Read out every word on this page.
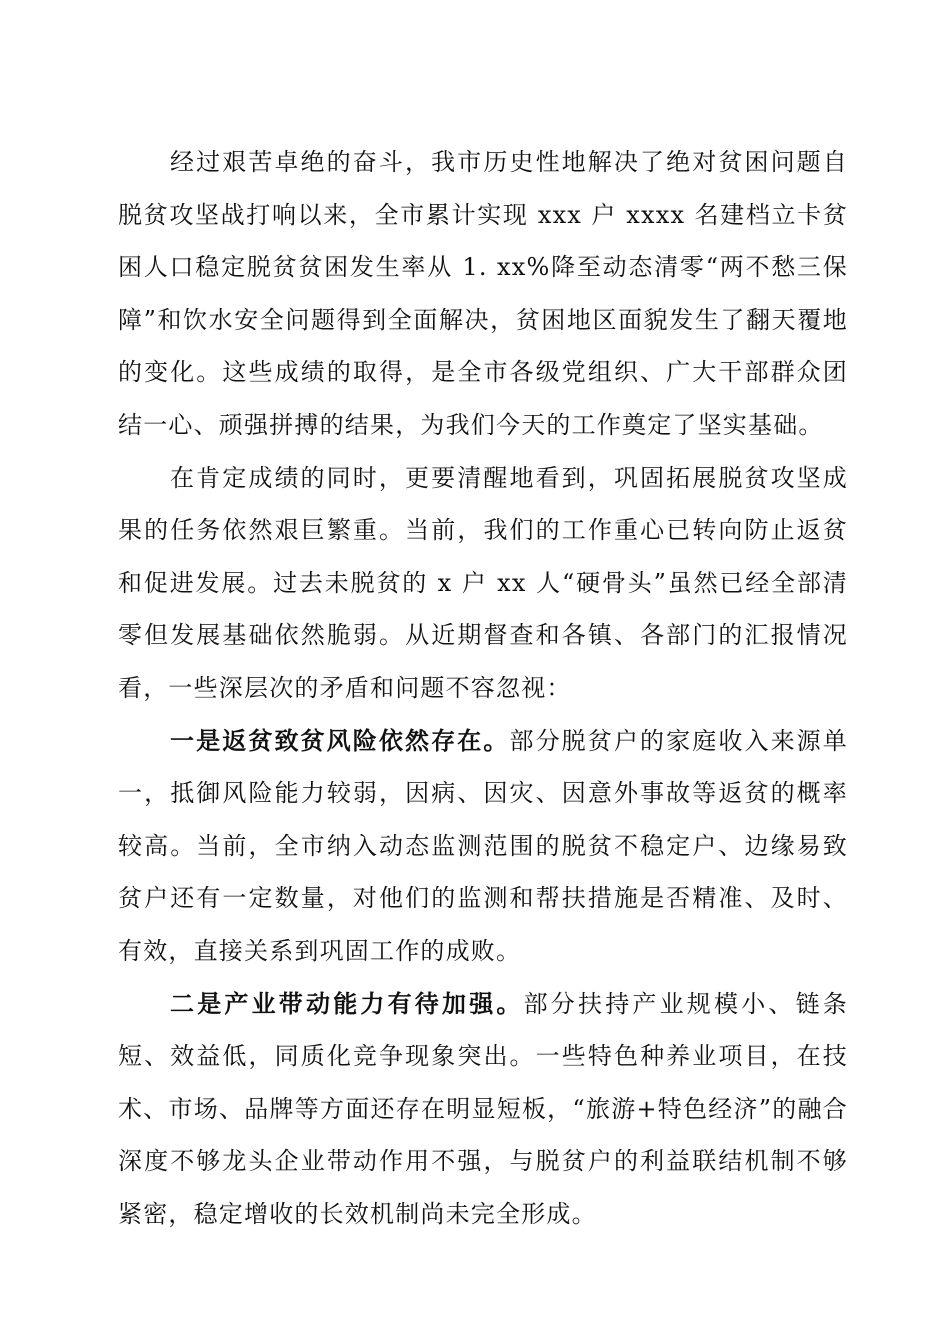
经过艰苦卓绝的奋斗，我市历史性地解决了绝对贫困问题自脱贫攻坚战打响以来，全市累计实现 xxx 户 xxxx 名建档立卡贫困人口稳定脱贫贫困发生率从 1. xx%降至动态清零“两不愁三保障”和饮水安全问题得到全面解决，贫困地区面貌发生了翻天覆地的变化。这些成绩的取得，是全市各级党组织、广大干部群众团结一心、顽强拼搏的结果，为我们今天的工作奠定了坚实基础。

在肯定成绩的同时，更要清醒地看到，巩固拓展脱贫攻坚成果的任务依然艰巨繁重。当前，我们的工作重心已转向防止返贫和促进发展。过去未脱贫的 x 户 xx 人“硬骨头”虽然已经全部清零但发展基础依然脆弱。从近期督查和各镇、各部门的汇报情况看，一些深层次的矛盾和问题不容忽视：

一是返贫致贫风险依然存在。部分脱贫户的家庭收入来源单一，抵御风险能力较弱，因病、因灾、因意外事故等返贫的概率较高。当前，全市纳入动态监测范围的脱贫不稳定户、边缘易致贫户还有一定数量，对他们的监测和帮扶措施是否精准、及时、有效，直接关系到巩固工作的成败。

二是产业带动能力有待加强。部分扶持产业规模小、链条短、效益低，同质化竞争现象突出。一些特色种养业项目，在技术、市场、品牌等方面还存在明显短板，“旅游+特色经济”的融合深度不够龙头企业带动作用不强，与脱贫户的利益联结机制不够紧密，稳定增收的长效机制尚未完全形成。
